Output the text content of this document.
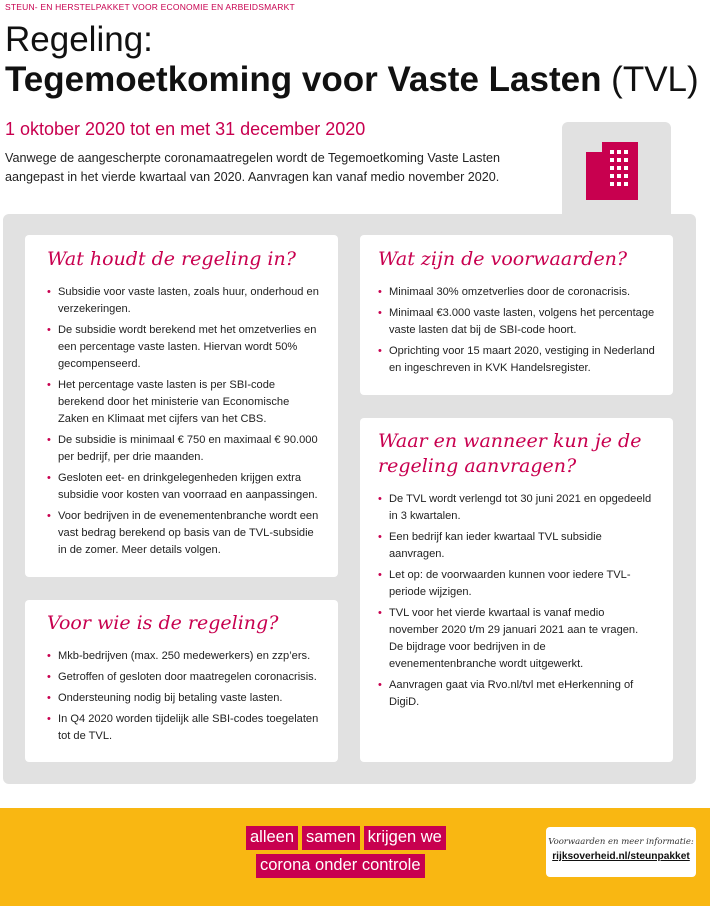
STEUN- EN HERSTELPAKKET VOOR ECONOMIE EN ARBEIDSMARKT
Regeling:
Tegemoetkoming voor Vaste Lasten (TVL)
1 oktober 2020 tot en met 31 december 2020

Vanwege de aangescherpte coronamaatregelen wordt de Tegemoetkoming Vaste Lasten aangepast in het vierde kwartaal van 2020. Aanvragen kan vanaf medio november 2020.

Wat houdt de regeling in?
• Subsidie voor vaste lasten, zoals huur, onderhoud en verzekeringen.
• De subsidie wordt berekend met het omzetverlies en een percentage vaste lasten. Hiervan wordt 50% gecompenseerd.
• Het percentage vaste lasten is per SBI-code berekend door het ministerie van Economische Zaken en Klimaat met cijfers van het CBS.
• De subsidie is minimaal € 750 en maximaal € 90.000 per bedrijf, per drie maanden.
• Gesloten eet- en drinkgelegenheden krijgen extra subsidie voor kosten van voorraad en aanpassingen.
• Voor bedrijven in de evenementenbranche wordt een vast bedrag berekend op basis van de TVL-subsidie in de zomer. Meer details volgen.
Wat zijn de voorwaarden?
• Minimaal 30% omzetverlies door de coronacrisis.
• Minimaal €3.000 vaste lasten, volgens het percentage vaste lasten dat bij de SBI-code hoort.
• Oprichting voor 15 maart 2020, vestiging in Nederland en ingeschreven in KVK Handelsregister.
Voor wie is de regeling?
• Mkb-bedrijven (max. 250 medewerkers) en zzp’ers.
• Getroffen of gesloten door maatregelen coronacrisis.
• Ondersteuning nodig bij betaling vaste lasten.
• In Q4 2020 worden tijdelijk alle SBI-codes toegelaten tot de TVL.
Waar en wanneer kun je de regeling aanvragen?
• De TVL wordt verlengd tot 30 juni 2021 en opgedeeld in 3 kwartalen.
• Een bedrijf kan ieder kwartaal TVL subsidie aanvragen.
• Let op: de voorwaarden kunnen voor iedere TVL-periode wijzigen.
• TVL voor het vierde kwartaal is vanaf medio november 2020 t/m 29 januari 2021 aan te vragen. De bijdrage voor bedrijven in de evenementenbranche wordt uitgewerkt.
• Aanvragen gaat via Rvo.nl/tvl met eHerkenning of DigiD.
alleen samen krijgen we
corona onder controle
Voorwaarden en meer informatie:
rijksoverheid.nl/steunpakket
